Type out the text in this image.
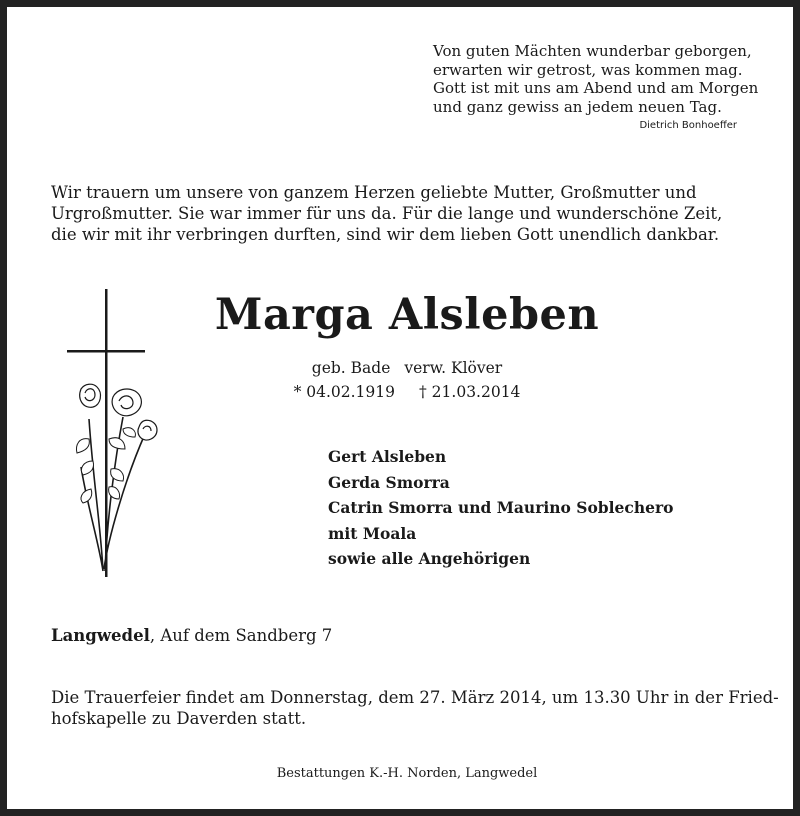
Von guten Mächten wunderbar geborgen,
erwarten wir getrost, was kommen mag.
Gott ist mit uns am Abend und am Morgen
und ganz gewiss an jedem neuen Tag.
Dietrich Bonhoeffer
Wir trauern um unsere von ganzem Herzen geliebte Mutter, Großmutter und
Urgroßmutter. Sie war immer für uns da. Für die lange und wunderschöne Zeit,
die wir mit ihr verbringen durften, sind wir dem lieben Gott unendlich dankbar.
Marga Alsleben
geb. Bade verw. Klöver
* 04.02.1919 † 21.03.2014
Gert Alsleben
Gerda Smorra
Catrin Smorra und Maurino Soblechero
mit Moala
sowie alle Angehörigen
Langwedel, Auf dem Sandberg 7
Die Trauerfeier findet am Donnerstag, dem 27. März 2014, um 13.30 Uhr in der Fried-
hofskapelle zu Daverden statt.
Bestattungen K.-H. Norden, Langwedel
